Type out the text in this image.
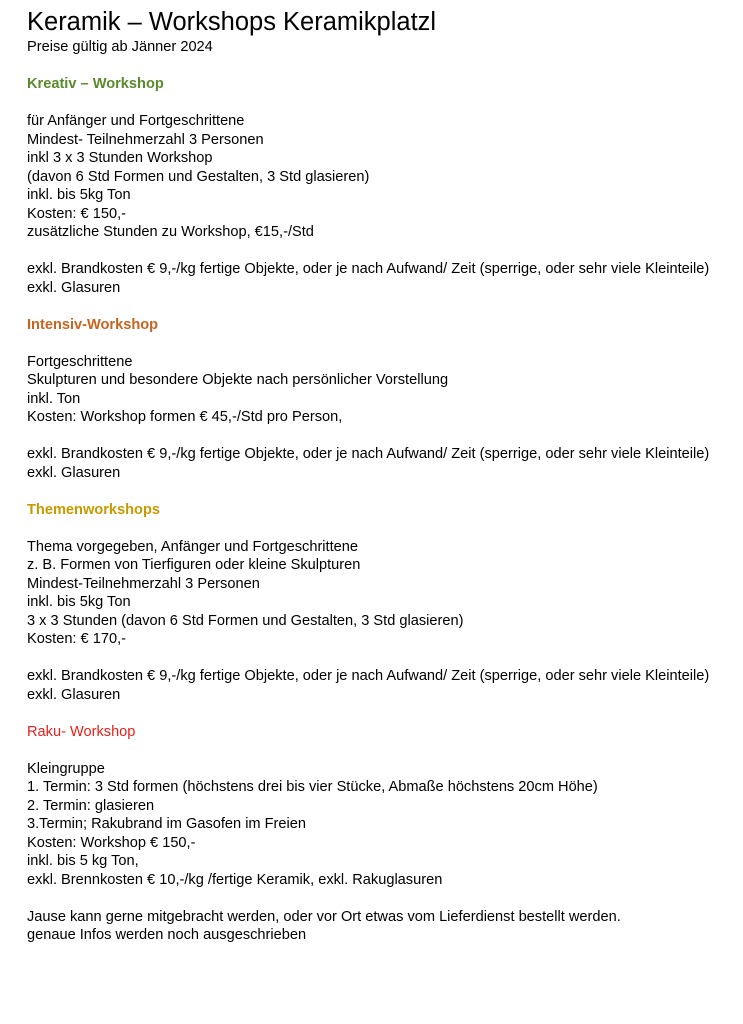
Keramik – Workshops Keramikplatzl

Preise gültig ab Jänner 2024

Kreativ – Workshop

für Anfänger und Fortgeschrittene

Mindest- Teilnehmerzahl 3 Personen

inkl 3 x 3 Stunden Workshop

(davon 6 Std Formen und Gestalten, 3 Std glasieren)

inkl. bis 5kg Ton

Kosten: € 150,-

zusätzliche Stunden zu Workshop, €15,-/Std

exkl. Brandkosten € 9,-/kg fertige Objekte, oder je nach Aufwand/ Zeit (sperrige, oder sehr viele Kleinteile)

exkl. Glasuren

Intensiv-Workshop

Fortgeschrittene

Skulpturen und besondere Objekte nach persönlicher Vorstellung

inkl. Ton

Kosten: Workshop formen € 45,-/Std pro Person,

exkl. Brandkosten € 9,-/kg fertige Objekte, oder je nach Aufwand/ Zeit (sperrige, oder sehr viele Kleinteile)

exkl. Glasuren

Themenworkshops

Thema vorgegeben, Anfänger und Fortgeschrittene

z. B. Formen von Tierfiguren oder kleine Skulpturen

Mindest-Teilnehmerzahl 3 Personen

inkl. bis 5kg Ton

3 x 3 Stunden (davon 6 Std Formen und Gestalten, 3 Std glasieren)

Kosten: € 170,-

exkl. Brandkosten € 9,-/kg fertige Objekte, oder je nach Aufwand/ Zeit (sperrige, oder sehr viele Kleinteile)

exkl. Glasuren

Raku- Workshop

Kleingruppe

1. Termin: 3 Std formen (höchstens drei bis vier Stücke, Abmaße höchstens 20cm Höhe)

2. Termin: glasieren

3.Termin; Rakubrand im Gasofen im Freien

Kosten: Workshop € 150,-

inkl. bis 5 kg Ton,

exkl. Brennkosten € 10,-/kg /fertige Keramik, exkl. Rakuglasuren

Jause kann gerne mitgebracht werden, oder vor Ort etwas vom Lieferdienst bestellt werden.

genaue Infos werden noch ausgeschrieben
